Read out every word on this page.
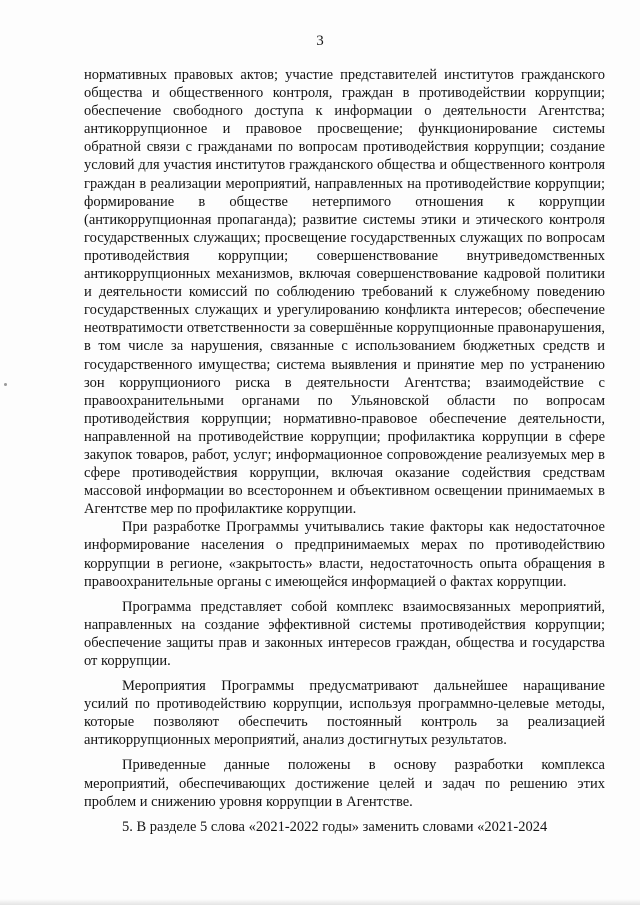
3

нормативных правовых актов; участие представителей институтов гражданского общества и общественного контроля, граждан в противодействии коррупции; обеспечение свободного доступа к информации о деятельности Агентства; антикоррупционное и правовое просвещение; функционирование системы обратной связи с гражданами по вопросам противодействия коррупции; создание условий для участия институтов гражданского общества и общественного контроля граждан в реализации мероприятий, направленных на противодействие коррупции; формирование в обществе нетерпимого отношения к коррупции (антикоррупционная пропаганда); развитие системы этики и этического контроля государственных служащих; просвещение государственных служащих по вопросам противодействия коррупции; совершенствование внутриведомственных антикоррупционных механизмов, включая совершенствование кадровой политики и деятельности комиссий по соблюдению требований к служебному поведению государственных служащих и урегулированию конфликта интересов; обеспечение неотвратимости ответственности за совершённые коррупционные правонарушения, в том числе за нарушения, связанные с использованием бюджетных средств и государственного имущества; система выявления и принятие мер по устранению зон коррупциониого риска в деятельности Агентства; взаимодействие с правоохранительными органами по Ульяновской области по вопросам противодействия коррупции; нормативно-правовое обеспечение деятельности, направленной на противодействие коррупции; профилактика коррупции в сфере закупок товаров, работ, услуг; информационное сопровождение реализуемых мер в сфере противодействия коррупции, включая оказание содействия средствам массовой информации во всестороннем и объективном освещении принимаемых в Агентстве мер по профилактике коррупции.

При разработке Программы учитывались такие факторы как недостаточное информирование населения о предпринимаемых мерах по противодействию коррупции в регионе, «закрытость» власти, недостаточность опыта обращения в правоохранительные органы с имеющейся информацией о фактах коррупции.

Программа представляет собой комплекс взаимосвязанных мероприятий, направленных на создание эффективной системы противодействия коррупции; обеспечение защиты прав и законных интересов граждан, общества и государства от коррупции.

Мероприятия Программы предусматривают дальнейшее наращивание усилий по противодействию коррупции, используя программно-целевые методы, которые позволяют обеспечить постоянный контроль за реализацией антикоррупционных мероприятий, анализ достигнутых результатов.

Приведенные данные положены в основу разработки комплекса мероприятий, обеспечивающих достижение целей и задач по решению этих проблем и снижению уровня коррупции в Агентстве.

5. В разделе 5 слова «2021-2022 годы» заменить словами «2021-2024
